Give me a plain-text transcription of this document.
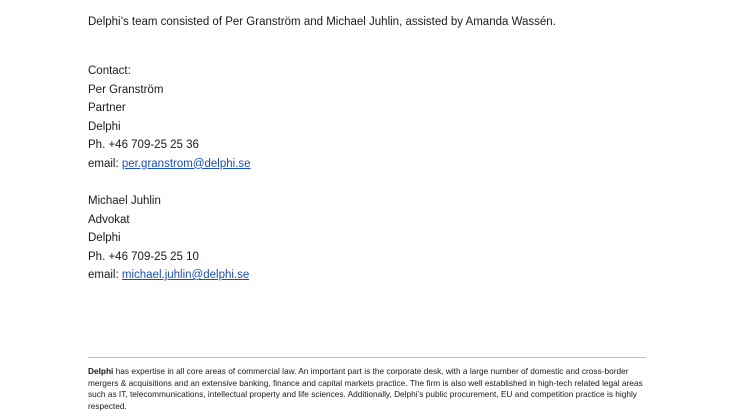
Delphi’s team consisted of Per Granström and Michael Juhlin, assisted by Amanda Wassén.

Contact:
Per Granström
Partner
Delphi
Ph. +46 709-25 25 36
email: per.granstrom@delphi.se
Michael Juhlin
Advokat
Delphi
Ph. +46 709-25 25 10
email: michael.juhlin@delphi.se
Delphi has expertise in all core areas of commercial law. An important part is the corporate desk, with a large number of domestic and cross-border mergers & acquisitions and an extensive banking, finance and capital markets practice. The firm is also well established in high-tech related legal areas such as IT, telecommunications, intellectual property and life sciences. Additionally, Delphi’s public procurement, EU and competition practice is highly respected.
